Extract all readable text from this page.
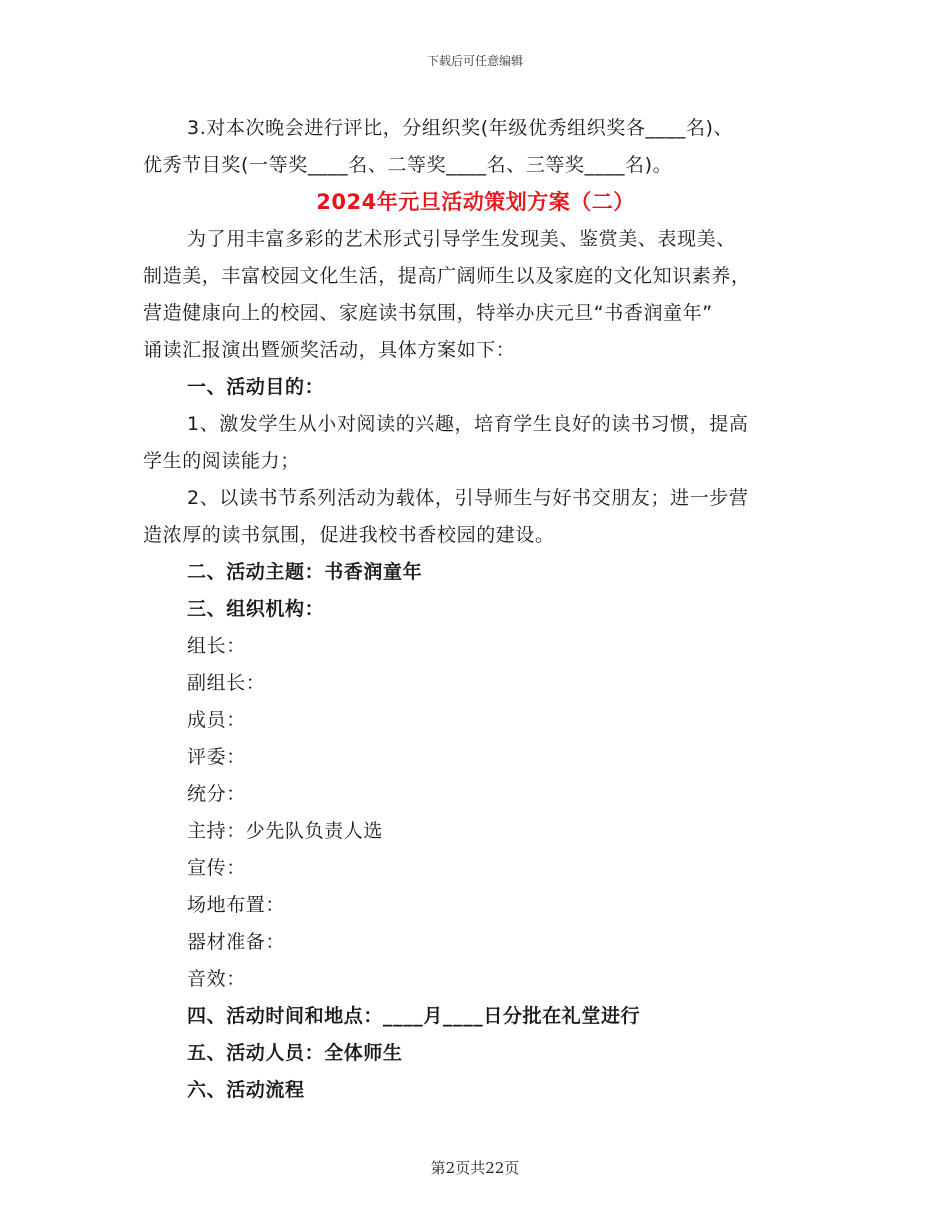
下载后可任意编辑
3.对本次晚会进行评比，分组织奖(年级优秀组织奖各____名)、
优秀节目奖(一等奖____名、二等奖____名、三等奖____名)。
2024年元旦活动策划方案（二）
为了用丰富多彩的艺术形式引导学生发现美、鉴赏美、表现美、
制造美，丰富校园文化生活，提高广阔师生以及家庭的文化知识素养，
营造健康向上的校园、家庭读书氛围，特举办庆元旦“书香润童年”
诵读汇报演出暨颁奖活动，具体方案如下：
一、活动目的：
1、激发学生从小对阅读的兴趣，培育学生良好的读书习惯，提高
学生的阅读能力；
2、以读书节系列活动为载体，引导师生与好书交朋友；进一步营
造浓厚的读书氛围，促进我校书香校园的建设。
二、活动主题：书香润童年
三、组织机构：
组长：
副组长：
成员：
评委：
统分：
主持：少先队负责人选
宣传：
场地布置：
器材准备：
音效：
四、活动时间和地点：____月____日分批在礼堂进行
五、活动人员：全体师生
六、活动流程
第2页共22页
